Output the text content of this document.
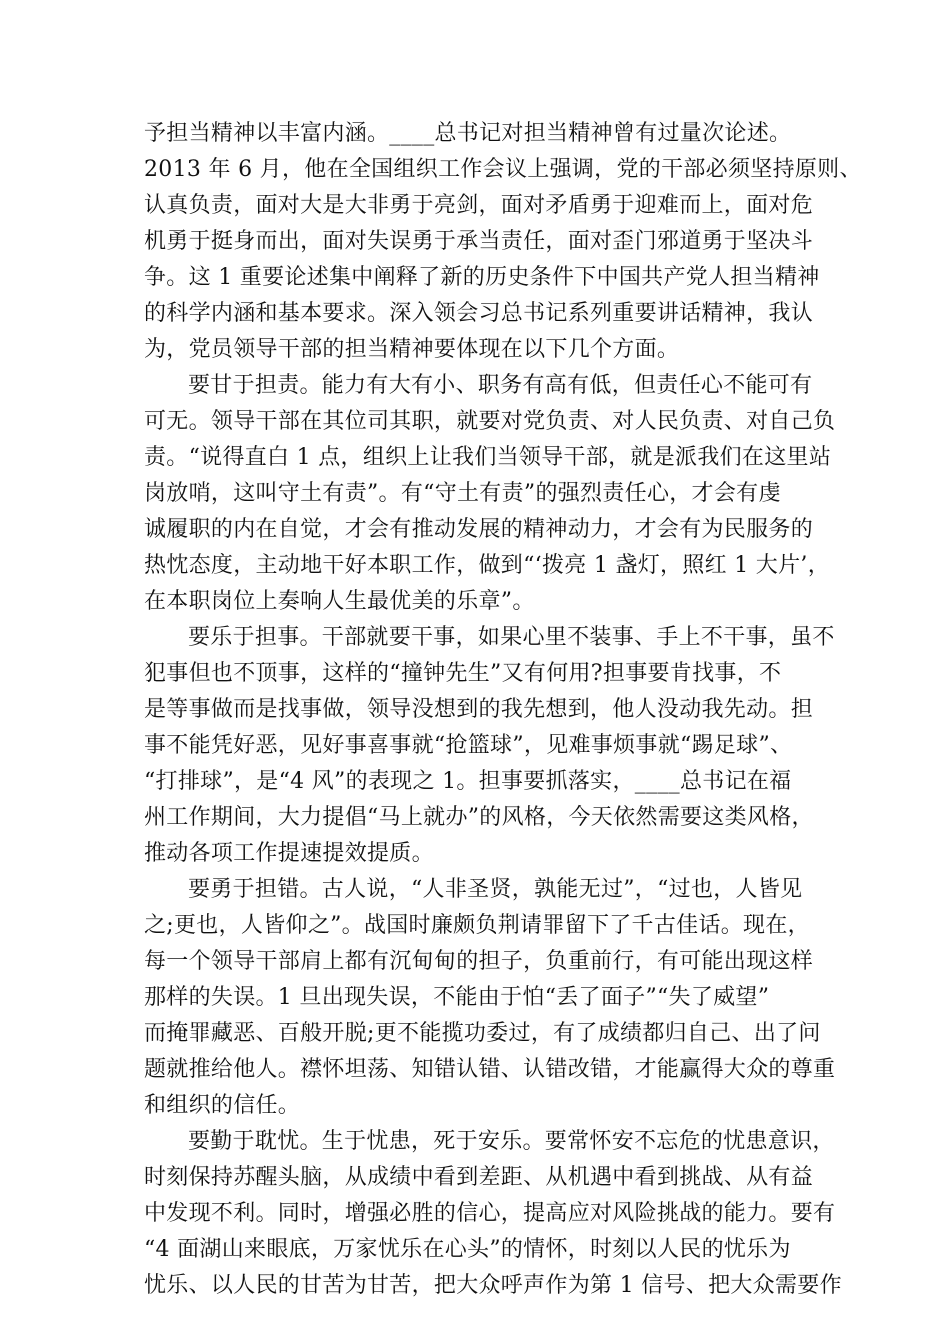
予担当精神以丰富内涵。____总书记对担当精神曾有过量次论述。
2013 年 6 月，他在全国组织工作会议上强调，党的干部必须坚持原则、
认真负责，面对大是大非勇于亮剑，面对矛盾勇于迎难而上，面对危
机勇于挺身而出，面对失误勇于承当责任，面对歪门邪道勇于坚决斗
争。这 1 重要论述集中阐释了新的历史条件下中国共产党人担当精神
的科学内涵和基本要求。深入领会习总书记系列重要讲话精神，我认
为，党员领导干部的担当精神要体现在以下几个方面。
要甘于担责。能力有大有小、职务有高有低，但责任心不能可有
可无。领导干部在其位司其职，就要对党负责、对人民负责、对自己负
责。“说得直白 1 点，组织上让我们当领导干部，就是派我们在这里站
岗放哨，这叫守土有责”。有“守土有责”的强烈责任心，才会有虔
诚履职的内在自觉，才会有推动发展的精神动力，才会有为民服务的
热忱态度，主动地干好本职工作，做到“‘拨亮 1 盏灯，照红 1 大片’，
在本职岗位上奏响人生最优美的乐章”。
要乐于担事。干部就要干事，如果心里不装事、手上不干事，虽不
犯事但也不顶事，这样的“撞钟先生”又有何用?担事要肯找事，不
是等事做而是找事做，领导没想到的我先想到，他人没动我先动。担
事不能凭好恶，见好事喜事就“抢篮球”，见难事烦事就“踢足球”、
“打排球”，是“4 风”的表现之 1。担事要抓落实，____总书记在福
州工作期间，大力提倡“马上就办”的风格，今天依然需要这类风格，
推动各项工作提速提效提质。
要勇于担错。古人说，“人非圣贤，孰能无过”，“过也，人皆见
之;更也，人皆仰之”。战国时廉颇负荆请罪留下了千古佳话。现在，
每一个领导干部肩上都有沉甸甸的担子，负重前行，有可能出现这样
那样的失误。1 旦出现失误，不能由于怕“丢了面子”“失了威望”
而掩罪藏恶、百般开脱;更不能揽功委过，有了成绩都归自己、出了问
题就推给他人。襟怀坦荡、知错认错、认错改错，才能赢得大众的尊重
和组织的信任。
要勤于耽忧。生于忧患，死于安乐。要常怀安不忘危的忧患意识，
时刻保持苏醒头脑，从成绩中看到差距、从机遇中看到挑战、从有益
中发现不利。同时，增强必胜的信心，提高应对风险挑战的能力。要有
“4 面湖山来眼底，万家忧乐在心头”的情怀，时刻以人民的忧乐为
忧乐、以人民的甘苦为甘苦，把大众呼声作为第 1 信号、把大众需要作
